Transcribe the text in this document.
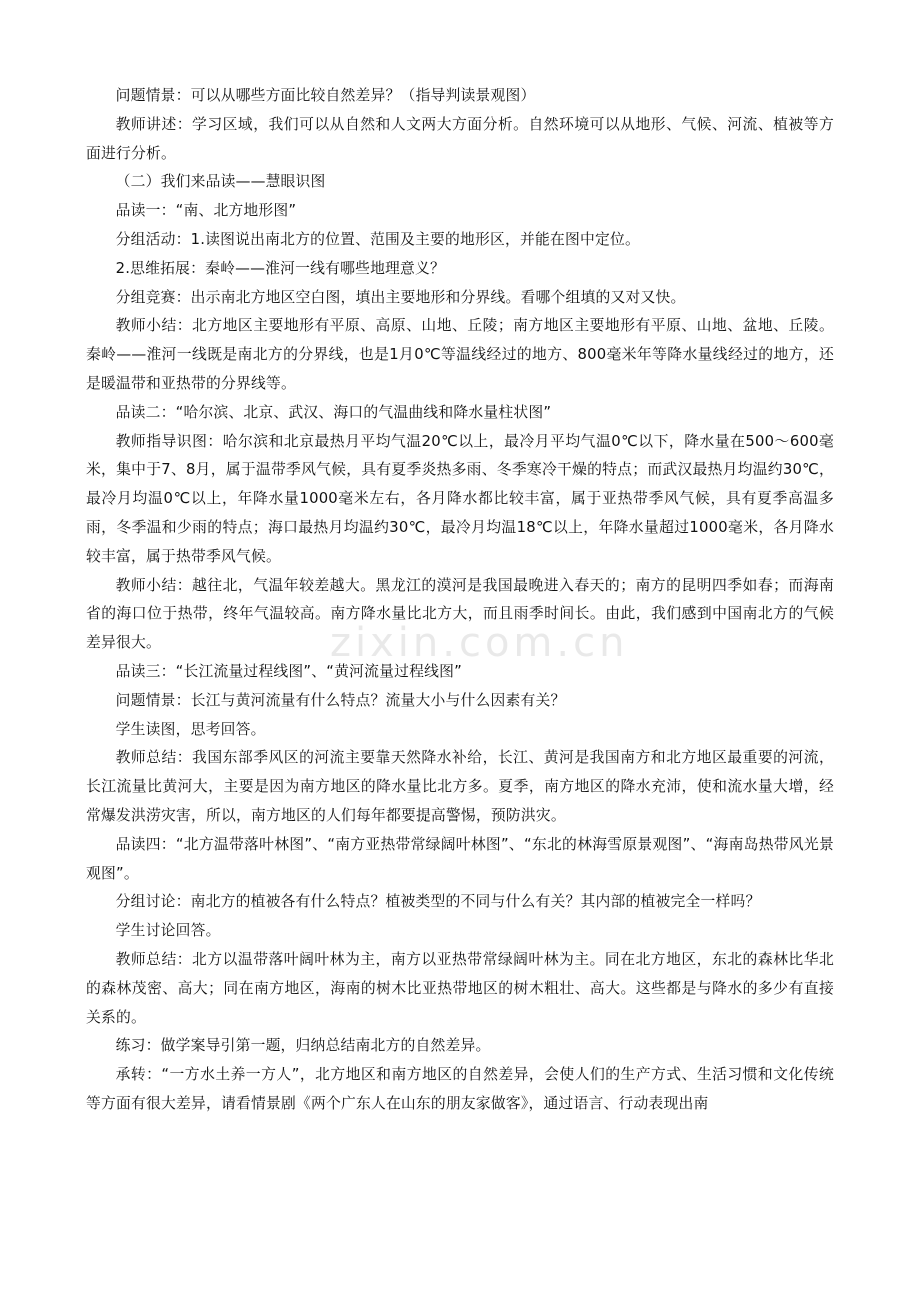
zixin.com.cn

问题情景：可以从哪些方面比较自然差异？（指导判读景观图）

教师讲述：学习区域，我们可以从自然和人文两大方面分析。自然环境可以从地形、气候、河流、植被等方面进行分析。

（二）我们来品读——慧眼识图

品读一：“南、北方地形图”

分组活动：1.读图说出南北方的位置、范围及主要的地形区，并能在图中定位。

2.思维拓展：秦岭——淮河一线有哪些地理意义？

分组竞赛：出示南北方地区空白图，填出主要地形和分界线。看哪个组填的又对又快。

教师小结：北方地区主要地形有平原、高原、山地、丘陵；南方地区主要地形有平原、山地、盆地、丘陵。秦岭——淮河一线既是南北方的分界线，也是1月0℃等温线经过的地方、800毫米年等降水量线经过的地方，还是暖温带和亚热带的分界线等。

品读二：“哈尔滨、北京、武汉、海口的气温曲线和降水量柱状图”

教师指导识图：哈尔滨和北京最热月平均气温20℃以上，最冷月平均气温0℃以下，降水量在500～600毫米，集中于7、8月，属于温带季风气候，具有夏季炎热多雨、冬季寒冷干燥的特点；而武汉最热月均温约30℃，最冷月均温0℃以上，年降水量1000毫米左右，各月降水都比较丰富，属于亚热带季风气候，具有夏季高温多雨，冬季温和少雨的特点；海口最热月均温约30℃，最冷月均温18℃以上，年降水量超过1000毫米，各月降水较丰富，属于热带季风气候。

教师小结：越往北，气温年较差越大。黑龙江的漠河是我国最晚进入春天的；南方的昆明四季如春；而海南省的海口位于热带，终年气温较高。南方降水量比北方大，而且雨季时间长。由此，我们感到中国南北方的气候差异很大。

品读三：“长江流量过程线图”、“黄河流量过程线图”

问题情景：长江与黄河流量有什么特点？流量大小与什么因素有关？

学生读图，思考回答。

教师总结：我国东部季风区的河流主要靠天然降水补给，长江、黄河是我国南方和北方地区最重要的河流，长江流量比黄河大，主要是因为南方地区的降水量比北方多。夏季，南方地区的降水充沛，使和流水量大增，经常爆发洪涝灾害，所以，南方地区的人们每年都要提高警惕，预防洪灾。

品读四：“北方温带落叶林图”、“南方亚热带常绿阔叶林图”、“东北的林海雪原景观图”、“海南岛热带风光景观图”。

分组讨论：南北方的植被各有什么特点？植被类型的不同与什么有关？其内部的植被完全一样吗？

学生讨论回答。

教师总结：北方以温带落叶阔叶林为主，南方以亚热带常绿阔叶林为主。同在北方地区，东北的森林比华北的森林茂密、高大；同在南方地区，海南的树木比亚热带地区的树木粗壮、高大。这些都是与降水的多少有直接关系的。

练习：做学案导引第一题，归纳总结南北方的自然差异。

承转：“一方水土养一方人”，北方地区和南方地区的自然差异，会使人们的生产方式、生活习惯和文化传统等方面有很大差异，请看情景剧《两个广东人在山东的朋友家做客》，通过语言、行动表现出南
